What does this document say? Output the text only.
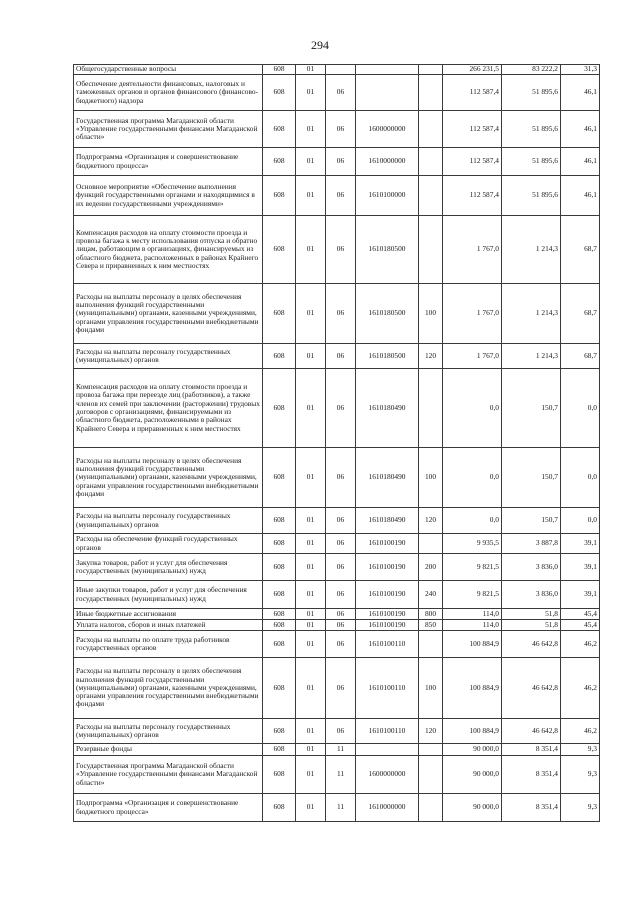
294
Общегосударственные вопросы	608	01				266 231,5	83 222,2	31,3
Обеспечение деятельности финансовых, налоговых и таможенных органов и органов финансового (финансово-бюджетного) надзора	608	01	06			112 587,4	51 895,6	46,1
Государственная программа Магаданской области «Управление государственными финансами Магаданской области»	608	01	06	1600000000		112 587,4	51 895,6	46,1
Подпрограмма «Организация и совершенствование бюджетного процесса»	608	01	06	1610000000		112 587,4	51 895,6	46,1
Основное мероприятие «Обеспечение выполнения функций государственными органами и находящимися в их ведении государственными учреждениями»	608	01	06	1610100000		112 587,4	51 895,6	46,1
Компенсация расходов на оплату стоимости проезда и провоза багажа к месту использования отпуска и обратно лицам, работающим в организациях, финансируемых из областного бюджета, расположенных в районах Крайнего Севера и приравненных к ним местностях	608	01	06	1610180500		1 767,0	1 214,3	68,7
Расходы на выплаты персоналу в целях обеспечения выполнения функций государственными (муниципальными) органами, казенными учреждениями, органами управления государственными внебюджетными фондами	608	01	06	1610180500	100	1 767,0	1 214,3	68,7
Расходы на выплаты персоналу государственных (муниципальных) органов	608	01	06	1610180500	120	1 767,0	1 214,3	68,7
Компенсация расходов на оплату стоимости проезда и провоза багажа при переезде лиц (работников), а также членов их семей при заключении (расторжении) трудовых договоров с организациями, финансируемыми из областного бюджета, расположенными в районах Крайнего Севера и приравненных к ним местностях	608	01	06	1610180490		0,0	150,7	0,0
Расходы на выплаты персоналу в целях обеспечения выполнения функций государственными (муниципальными) органами, казенными учреждениями, органами управления государственными внебюджетными фондами	608	01	06	1610180490	100	0,0	150,7	0,0
Расходы на выплаты персоналу государственных (муниципальных) органов	608	01	06	1610180490	120	0,0	150,7	0,0
Расходы на обеспечение функций государственных органов	608	01	06	1610100190		9 935,5	3 887,8	39,1
Закупка товаров, работ и услуг для обеспечения государственных (муниципальных) нужд	608	01	06	1610100190	200	9 821,5	3 836,0	39,1
Иные закупки товаров, работ и услуг для обеспечения государственных (муниципальных) нужд	608	01	06	1610100190	240	9 821,5	3 836,0	39,1
Иные бюджетные ассигнования	608	01	06	1610100190	800	114,0	51,8	45,4
Уплата налогов, сборов и иных платежей	608	01	06	1610100190	850	114,0	51,8	45,4
Расходы на выплаты по оплате труда работников государственных органов	608	01	06	1610100110		100 884,9	46 642,8	46,2
Расходы на выплаты персоналу в целях обеспечения выполнения функций государственными (муниципальными) органами, казенными учреждениями, органами управления государственными внебюджетными фондами	608	01	06	1610100110	100	100 884,9	46 642,8	46,2
Расходы на выплаты персоналу государственных (муниципальных) органов	608	01	06	1610100110	120	100 884,9	46 642,8	46,2
Резервные фонды	608	01	11			90 000,0	8 351,4	9,3
Государственная программа Магаданской области «Управление государственными финансами Магаданской области»	608	01	11	1600000000		90 000,0	8 351,4	9,3
Подпрограмма «Организация и совершенствование бюджетного процесса»	608	01	11	1610000000		90 000,0	8 351,4	9,3
